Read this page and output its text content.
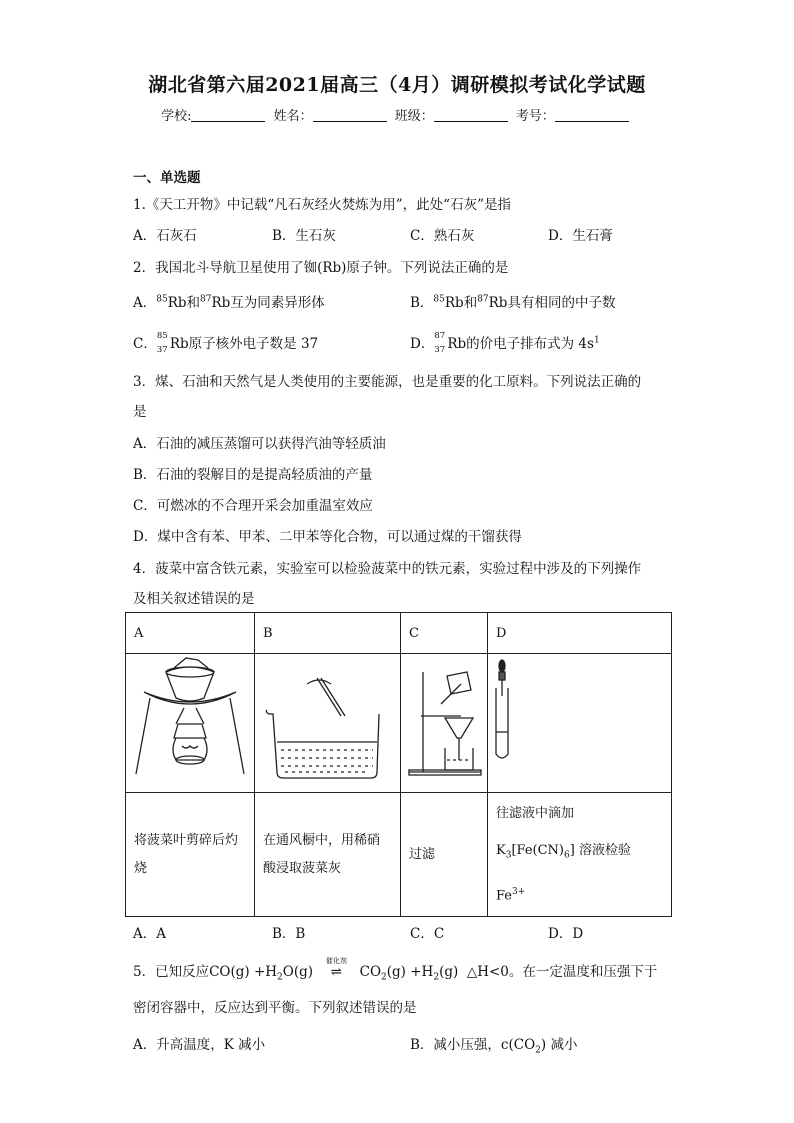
湖北省第六届2021届高三（4月）调研模拟考试化学试题
学校:	姓名：	班级：	考号：
一、单选题
1.《天工开物》中记载“凡石灰经火焚炼为用”，此处“石灰”是指
A．石灰石	B．生石灰	C．熟石灰	D．生石膏
2．我国北斗导航卫星使用了铷(Rb)原子钟。下列说法正确的是
A．$^{85}$Rb和$^{87}$Rb互为同素异形体	B．$^{85}$Rb和$^{87}$Rb具有相同的中子数
C． 85
37 Rb原子核外电子数是 37	D． 87
37 Rb的价电子排布式为 $4s^1$
3．煤、石油和天然气是人类使用的主要能源，也是重要的化工原料。下列说法正确的
是
A．石油的减压蒸馏可以获得汽油等轻质油
B．石油的裂解目的是提高轻质油的产量
C．可燃冰的不合理开采会加重温室效应
D．煤中含有苯、甲苯、二甲苯等化合物，可以通过煤的干馏获得
4．菠菜中富含铁元素，实验室可以检验菠菜中的铁元素，实验过程中涉及的下列操作
及相关叙述错误的是
A	B	C	D

将菠菜叶剪碎后灼烧	在通风橱中，用稀硝酸浸取菠菜灰	过滤	往滤液中滴加
$K_3[Fe(CN)_6]$ 溶液检验
$Fe^{3+}$
A．A	B．B	C．C	D．D
5．已知反应$CO(g) +H_2O(g)$
催化剂
⇌ $CO_2(g) +H_2(g)$ △H<0。在一定温度和压强下于
密闭容器中，反应达到平衡。下列叙述错误的是
A．升高温度，K 减小	B．减小压强，$c(CO_2)$ 减小
